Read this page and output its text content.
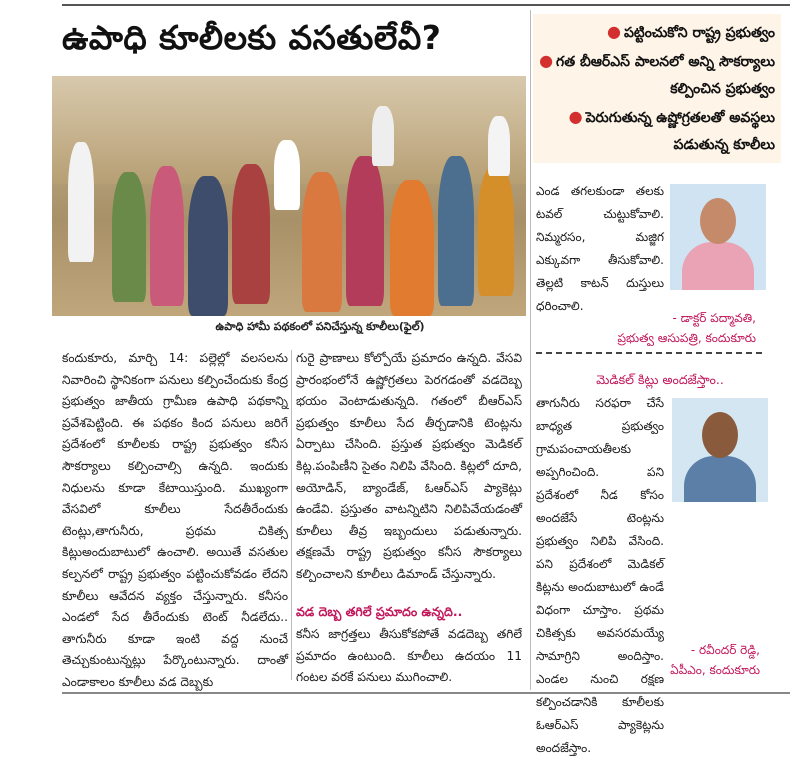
ఉపాధి కూలీలకు వసతులేవీ?
ఉపాధి హామీ పథకంలో పనిచేస్తున్న కూలీలు(ఫైల్)
కందుకూరు, మార్చి 14: పల్లెల్లో వలసలను నివారించి స్థానికంగా పనులు కల్పించేందుకు కేంద్ర ప్రభుత్వం జాతీయ గ్రామీణ ఉపాధి పథకాన్ని ప్రవేశపెట్టింది. ఈ పథకం కింద పనులు జరిగే ప్రదేశంలో కూలీలకు రాష్ట్ర ప్రభుత్వం కనీస సౌకర్యాలు కల్పించాల్సి ఉన్నది. ఇందుకు నిధులను కూడా కేటాయిస్తుంది. ముఖ్యంగా వేసవిలో కూలీలు సేదతీరేందుకు టెంట్లు,తాగునీరు, ప్రథమ చికిత్స కిట్లుఅందుబాటులో ఉంచాలి. అయితే వసతుల కల్పనలో రాష్ట్ర ప్రభుత్వం పట్టించుకోవడం లేదని కూలీలు ఆవేదన వ్యక్తం చేస్తున్నారు. కనీసం ఎండలో సేద తీరేందుకు టెంట్ నీడలేదు.. తాగునీరు కూడా ఇంటి వద్ద నుంచే తెచ్చుకుంటున్నట్లు పేర్కొంటున్నారు. దాంతో ఎండాకాలం కూలీలు వడ దెబ్బకు
గురై ప్రాణాలు కోల్పోయే ప్రమాదం ఉన్నది. వేసవి ప్రారంభంలోనే ఉష్ణోగ్రతలు పెరగడంతో వడదెబ్బ భయం వెంటాడుతున్నది. గతంలో బీఆర్ఎస్ ప్రభుత్వం కూలీలు సేద తీర్చడానికి టెంట్లను ఏర్పాటు చేసింది. ప్రస్తుత ప్రభుత్వం మెడికల్ కిట్ల.పంపిణీని సైతం నిలిపి వేసింది. కిట్లలో దూది, అయోడిన్, బ్యాండేజ్, ఓఆర్ఎస్ ప్యాకెట్లు ఉండేవి. ప్రస్తుతం వాటన్నిటిని నిలిపివేయడంతో కూలీలు తీవ్ర ఇబ్బందులు పడుతున్నారు. తక్షణమే రాష్ట్ర ప్రభుత్వం కనీస సౌకర్యాలు కల్పించాలని కూలీలు డిమాండ్ చేస్తున్నారు.
వడ దెబ్బ తగిలే ప్రమాదం ఉన్నది..
కనీస జాగ్రత్తలు తీసుకోకపోతే వడదెబ్బ తగిలే ప్రమాదం ఉంటుంది. కూలీలు ఉదయం 11 గంటల వరకే పనులు ముగించాలి.
● పట్టించుకోని రాష్ట్ర ప్రభుత్వం
● గత బీఆర్ఎస్ పాలనలో అన్ని సౌకర్యాలు కల్పించిన ప్రభుత్వం
● పెరుగుతున్న ఉష్ణోగ్రతలతో అవస్థలు పడుతున్న కూలీలు
ఎండ తగలకుండా తలకు టవల్ చుట్టుకోవాలి. నిమ్మరసం, మజ్జిగ ఎక్కువగా తీసుకోవాలి. తెల్లటి కాటన్ దుస్తులు ధరించాలి.
- డాక్టర్ పద్మావతి,
ప్రభుత్వ ఆసుపత్రి, కందుకూరు
మెడికల్ కిట్లు అందజేస్తాం..
తాగునీరు సరఫరా చేసే బాధ్యత ప్రభుత్వం గ్రామపంచాయతీలకు అప్పగించింది. పని ప్రదేశంలో నీడ కోసం అందజేసే టెంట్లను ప్రభుత్వం నిలిపి వేసింది. పని ప్రదేశంలో మెడికల్ కిట్లను అందుబాటులో ఉండే విధంగా చూస్తాం. ప్రథమ చికిత్సకు అవసరమయ్యే సామాగ్రిని అందిస్తాం. ఎండల నుంచి రక్షణ కల్పించడానికి కూలీలకు ఓఆర్ఎస్ ప్యాకెట్లను అందజేస్తాం.
- రవీందర్ రెడ్డి,
ఏపీఎం, కందుకూరు
